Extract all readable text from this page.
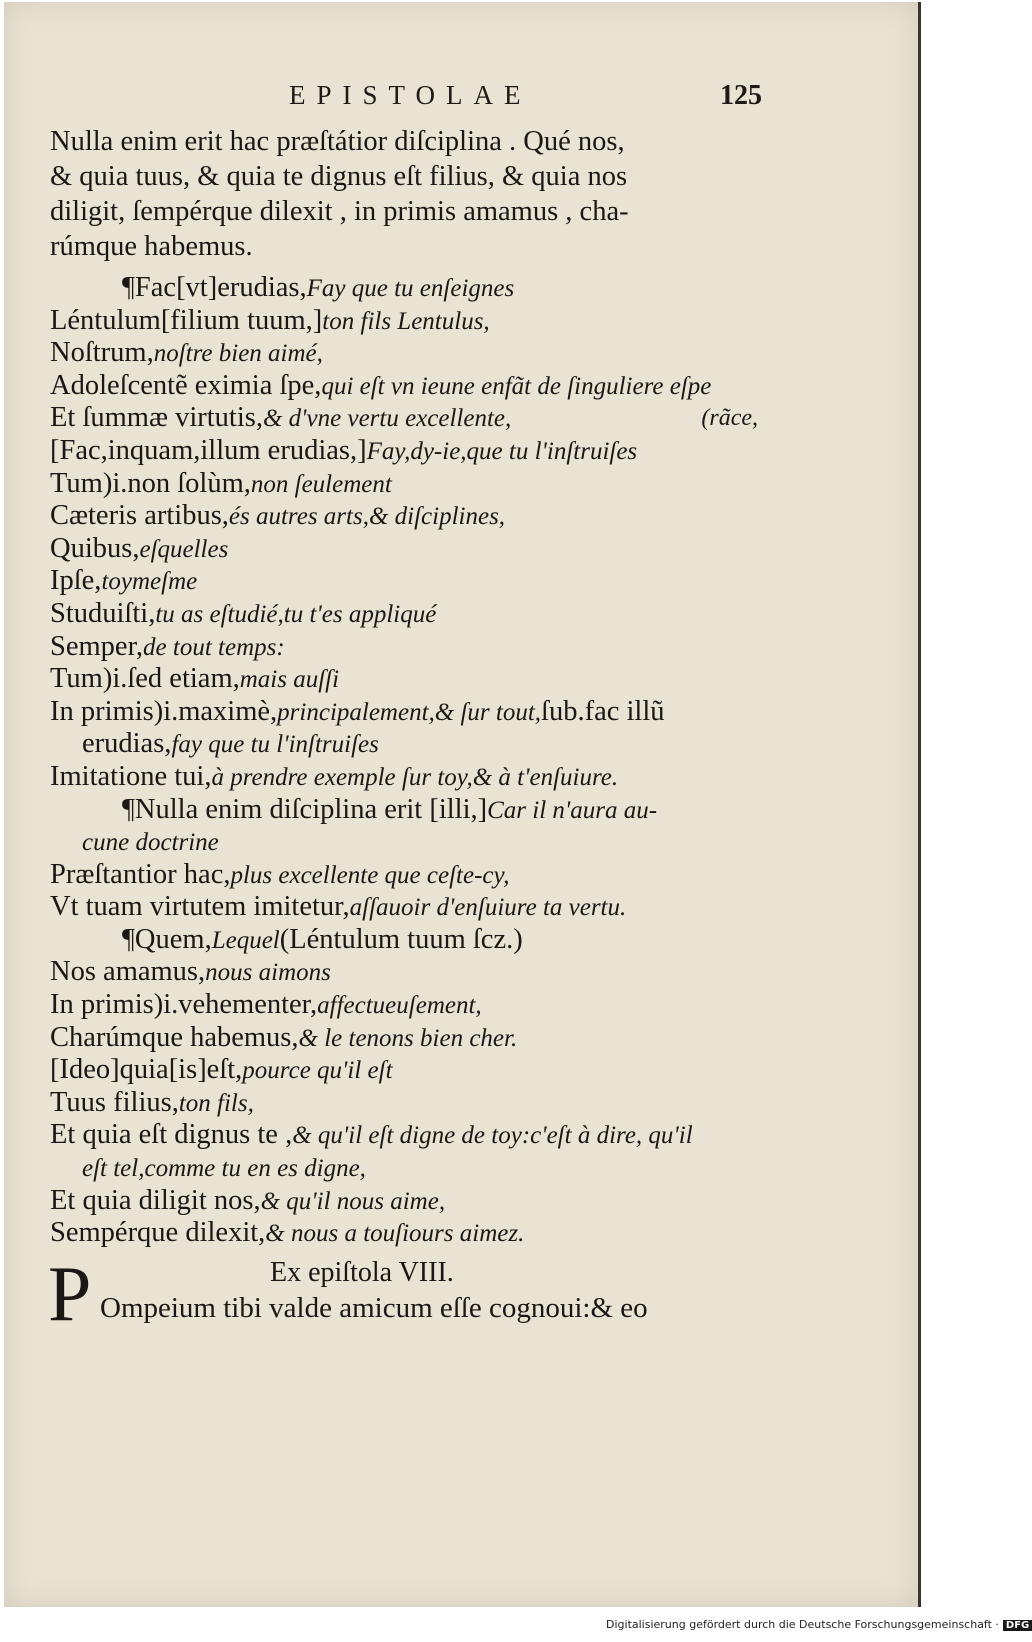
EPISTOLAE	125

Nulla enim erit hac præſtátior diſciplina . Qué nos,

& quia tuus, & quia te dignus eſt filius, & quia nos

diligit, ſempérque dilexit , in primis amamus , cha-

rúmque habemus.

¶Fac[vt]erudias,Fay que tu enſeignes
Léntulum[filium tuum,]ton fils Lentulus,
Noſtrum,noſtre bien aimé,
Adoleſcentẽ eximia ſpe,qui eſt vn ieune enfãt de ſinguliere eſpe
(rãce,
Et ſummæ virtutis,& d'vne vertu excellente,
[Fac,inquam,illum erudias,]Fay,dy-ie,que tu l'inſtruiſes
Tum)i.non ſolùm,non ſeulement
Cæteris artibus,és autres arts,& diſciplines,
Quibus,eſquelles
Ipſe,toymeſme
Studuiſti,tu as eſtudié,tu t'es appliqué
Semper,de tout temps:
Tum)i.ſed etiam,mais auſſi
In primis)i.maximè,principalement,& ſur tout,ſub.fac illũ
erudias,fay que tu l'inſtruiſes
Imitatione tui,à prendre exemple ſur toy,& à t'enſuiure.
¶Nulla enim diſciplina erit [illi,]Car il n'aura au-
cune doctrine
Præſtantior hac,plus excellente que ceſte-cy,
Vt tuam virtutem imitetur,aſſauoir d'enſuiure ta vertu.
¶Quem,Lequel(Léntulum tuum ſcz.)
Nos amamus,nous aimons
In primis)i.vehementer,affectueuſement,
Charúmque habemus,& le tenons bien cher.
[Ideo]quia[is]eſt,pource qu'il eſt
Tuus filius,ton fils,
Et quia eſt dignus te ,& qu'il eſt digne de toy:c'eſt à dire, qu'il
eſt tel,comme tu en es digne,
Et quia diligit nos,& qu'il nous aime,
Sempérque dilexit,& nous a touſiours aimez.
P	Ex epiſtola VIII.
Ompeium tibi valde amicum eſſe cognoui:& eo
Digitalisierung gefördert durch die Deutsche Forschungsgemeinschaft · DFG
